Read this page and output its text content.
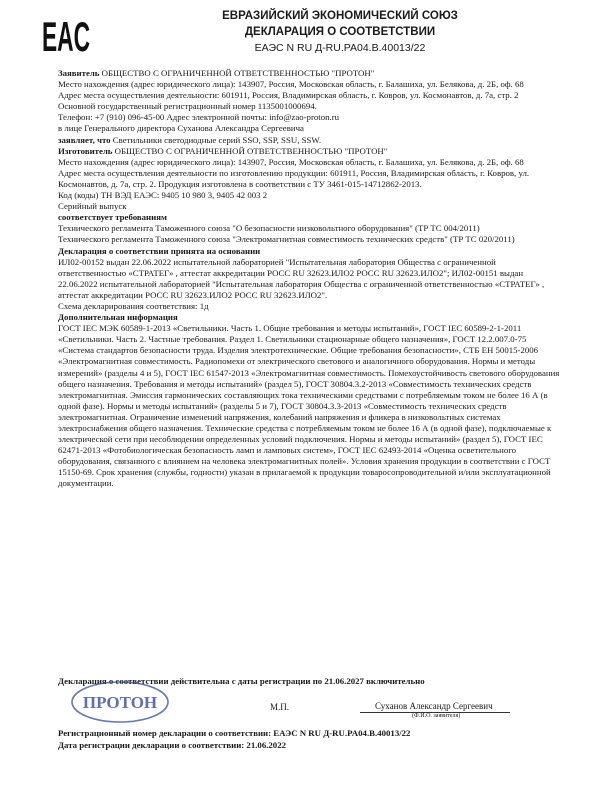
EAC	ЕВРАЗИЙСКИЙ ЭКОНОМИЧЕСКИЙ СОЮЗ
ДЕКЛАРАЦИЯ О СООТВЕТСТВИИ
ЕАЭС N RU Д-RU.PA04.B.40013/22

Заявитель ОБЩЕСТВО С ОГРАНИЧЕННОЙ ОТВЕТСТВЕННОСТЬЮ "ПРОТОН"

Место нахождения (адрес юридического лица): 143907, Россия, Московская область, г. Балашиха, ул. Белякова, д. 2Б, оф. 68

Адрес места осуществления деятельности: 601911, Россия, Владимирская область, г. Ковров, ул. Космонавтов, д. 7а, стр. 2

Основной государственный регистрационный номер 1135001000694.

Телефон: +7 (910) 096-45-00 Адрес электронной почты: info@zao-proton.ru

в лице Генерального директора Суханова Александра Сергеевича

заявляет, что Светильники светодиодные серий SSO, SSP, SSU, SSW.

Изготовитель ОБЩЕСТВО С ОГРАНИЧЕННОЙ ОТВЕТСТВЕННОСТЬЮ "ПРОТОН"

Место нахождения (адрес юридического лица): 143907, Россия, Московская область, г. Балашиха, ул. Белякова, д. 2Б, оф. 68

Адрес места осуществления деятельности по изготовлению продукции: 601911, Россия, Владимирская область, г. Ковров, ул. Космонавтов, д. 7а, стр. 2. Продукция изготовлена в соответствии с ТУ 3461-015-14712862-2013.

Код (коды) ТН ВЭД ЕАЭС: 9405 10 980 3, 9405 42 003 2

Серийный выпуск

соответствует требованиям

Технического регламента Таможенного союза "О безопасности низковольтного оборудования" (ТР ТС 004/2011)

Технического регламента Таможенного союза "Электромагнитная совместимость технических средств" (ТР ТС 020/2011)

Декларация о соответствии принята на основании

ИЛ02-00152 выдан 22.06.2022 испытательной лабораторией "Испытательная лаборатория Общества с ограниченной ответственностью «СТРАТЕГ» , аттестат аккредитации РОСС RU 32623.ИЛО2 РОСС RU 32623.ИЛО2"; ИЛ02-00151 выдан 22.06.2022 испытательной лабораторией "Испытательная лаборатория Общества с ограниченной ответственностью «СТРАТЕГ» , аттестат аккредитации РОСС RU 32623.ИЛО2 РОСС RU 32623.ИЛО2".

Схема декларирования соответствия: 1д

Дополнительная информация

ГОСТ IEC МЭК 60589-1-2013 «Светильники. Часть 1. Общие требования и методы испытаний», ГОСТ IEC 60589-2-1-2011 «Светильники. Часть 2. Частные требования. Раздел 1. Светильники стационарные общего назначения», ГОСТ 12.2.007.0-75 «Система стандартов безопасности труда. Изделия электротехнические. Общие требования безопасности», СТБ EH 50015-2006 «Электромагнитная совместимость. Радиопомехи от электрического светового и аналогичного оборудования. Нормы и методы измерений» (разделы 4 и 5), ГОСТ IEC 61547-2013 «Электромагнитная совместимость. Помехоустойчивость светового оборудования общего назначения. Требования и методы испытаний» (раздел 5), ГОСТ 30804.3.2-2013 «Совместимость технических средств электромагнитная. Эмиссия гармонических составляющих тока техническими средствами с потребляемым током не более 16 А (в одной фазе). Нормы и методы испытаний» (разделы 5 и 7), ГОСТ 30804.3.3-2013 «Совместимость технических средств электромагнитная. Ограничение изменений напряжения, колебаний напряжения и фликера в низковольтных системах электроснабжения общего назначения. Технические средства с потребляемым током не более 16 А (в одной фазе), подключаемые к электрической сети при несоблюдении определенных условий подключения. Нормы и методы испытаний» (раздел 5), ГОСТ IEC 62471-2013 «Фотобиологическая безопасность ламп и ламповых систем», ГОСТ IEC 62493-2014 «Оценка осветительного оборудования, связанного с влиянием на человека электромагнитных полей». Условия хранения продукции в соответствии с ГОСТ 15150-69. Срок хранения (службы, годности) указан в прилагаемой к продукции товаросопроводительной и/или эксплуатационной документации.

Декларация о соответствии действительна с даты регистрации по 21.06.2027 включительно
ПРОТОН	М.П.	Суханов Александр Сергеевич
(Ф.И.О. заявителя)
Регистрационный номер декларации о соответствии: ЕАЭС N RU Д-RU.PA04.B.40013/22
Дата регистрации декларации о соответствии: 21.06.2022
